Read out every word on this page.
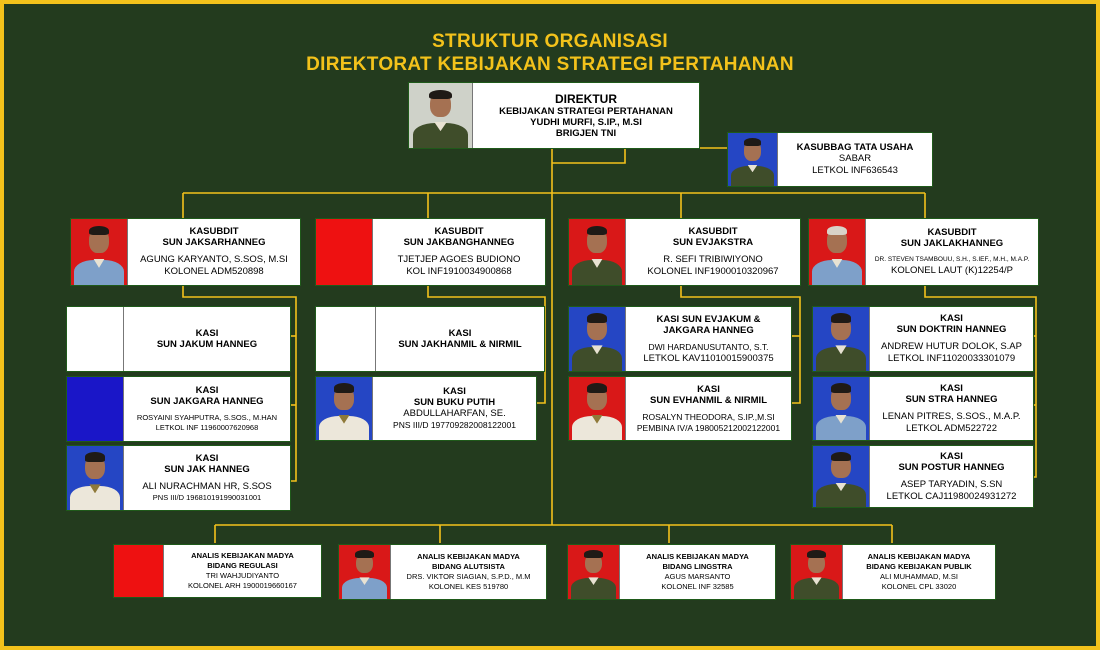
STRUKTUR ORGANISASI
DIREKTORAT KEBIJAKAN STRATEGI PERTAHANAN
DIREKTUR
KEBIJAKAN STRATEGI PERTAHANAN
YUDHI MURFI, S.IP., M.SI
BRIGJEN TNI
KASUBBAG TATA USAHA
SABAR
LETKOL INF636543
KASUBDIT
SUN JAKSARHANNEG
AGUNG KARYANTO, S.SOS, M.SI
KOLONEL ADM520898
KASUBDIT
SUN JAKBANGHANNEG
TJETJEP AGOES BUDIONO
KOL INF1910034900868
KASUBDIT
SUN EVJAKSTRA
R. SEFI TRIBIWIYONO
KOLONEL INF1900010320967
KASUBDIT
SUN JAKLAKHANNEG
DR. STEVEN TSAMBOUU, S.H., S.IEF., M.H., M.A.P.
KOLONEL LAUT (K)12254/P
KASI
SUN JAKUM HANNEG
KASI
SUN JAKGARA HANNEG
ROSYAINI SYAHPUTRA, S.SOS., M.HAN
LETKOL INF 11960007620968
KASI
SUN JAK HANNEG
ALI NURACHMAN HR, S.SOS
PNS III/D 196810191990031001
KASI
SUN JAKHANMIL & NIRMIL
KASI
SUN BUKU PUTIH
ABDULLAHARFAN, SE.
PNS III/D 197709282008122001
KASI SUN EVJAKUM &
JAKGARA HANNEG
DWI HARDANUSUTANTO, S.T.
LETKOL KAV11010015900375
KASI
SUN EVHANMIL & NIRMIL
ROSALYN THEODORA, S.IP.,M.SI
PEMBINA IV/A 198005212002122001
KASI
SUN DOKTRIN HANNEG
ANDREW HUTUR DOLOK, S.AP
LETKOL INF11020033301079
KASI
SUN STRA HANNEG
LENAN PITRES, S.SOS., M.A.P.
LETKOL ADM522722
KASI
SUN POSTUR HANNEG
ASEP TARYADIN, S.SN
LETKOL CAJ11980024931272
ANALIS KEBIJAKAN MADYA
BIDANG REGULASI
TRI WAHJUDIYANTO
KOLONEL ARH 1900019660167
ANALIS KEBIJAKAN MADYA
BIDANG ALUTSISTA
DRS. VIKTOR SIAGIAN, S.P.D., M.M
KOLONEL KES 519780
ANALIS KEBIJAKAN MADYA
BIDANG LINGSTRA
AGUS MARSANTO
KOLONEL INF 32585
ANALIS KEBIJAKAN MADYA
BIDANG KEBIJAKAN PUBLIK
ALI MUHAMMAD, M.SI
KOLONEL CPL 33020
